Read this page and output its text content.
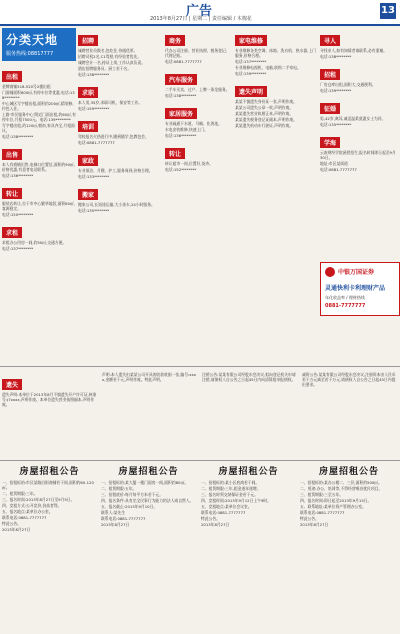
广告
2013年8月27日 | 星期二 | 责任编辑 / 木棉花
13
分类天地
服务热线:08817777
出租

金牌商铺518-520号2楼出租

门面铺面积800㎡,有停车位等优惠,电话:138********

中心城区写字楼出租,面积约200㎡,精装修,拎包入住。

上路'市民服务中心'附近门面出租,约60㎡,有停车位,月租7500元。电话:139********

写字楼出租,约120㎡,朝南,家具齐全,月租面议。

电话:138********

出售

本人有商铺出售,电梯口位置佳,面积约90㎡,价格优惠,有意者电话联系。

电话:136********

转让

服装店转让,位于市中心繁华地段,面积80㎡,客源稳定。

电话:150********

求租

求租办公用房一间,约50㎡,交通方便。

电话:137********

招聘

诚聘营业员数名,包吃住,待遇优厚。

招聘司机2名,C1驾照,有经验者优先。

诚聘会计一名,持证上岗,工作认真负责。

酒店招聘服务员、厨工若干名。

电话:138********

求职

本人男,35岁,求职司机、保安等工作。

电话:159********

培训

驾校报名火热进行中,随到随学,包教包会。

电话:0881-7777777

家政

专业保洁、月嫂、护工,服务周到,价格合理。

电话:133********

搬家

搬家公司,长短途运输,大小货车,24小时服务。

电话:135********

商务

代办公司注册、营业执照、税务登记、代理记账。

电话:0881-7777777

汽车服务

二手车买卖、过户、上牌一条龙服务。

电话:138********

家居服务

专业疏通下水道、马桶、化粪池。

水电安装维修,快速上门。

电话:136********

转让

转让超市一间,位置好,货齐。

电话:152********

家电维修

专业维修各类空调、冰箱、洗衣机、热水器,上门服务,价格合理。

电话:137********

专业维修电视机、电脑,收购二手家电。

电话:139********

遗失声明

某某不慎遗失身份证一张,声明作废。

某某公司遗失公章一枚,声明作废。

某某遗失营业执照正本,声明作废。

某某遗失税务登记证副本,声明作废。

某某遗失机动车行驶证,声明作废。

寻人

寻找亲人,如有知情者请联系,必有重谢。

电话:138********

招租

厂房仓库出租,面积大,交通便利。

电话:139********

征婚

男,42岁,离异,诚觅温柔贤惠女士为伴。

电话:135********

学海

云南财经学院函授招生,报名时间即日起至9月30日。

地址:市区某街道

电话:0881-7777777

中银万国证券
灵通快利卡利理财产品
年化收益率 / 理财热线
0881-7777777
遗失
遗失声明:本单位于2013年8月不慎遗失开户许可证,核准号:J7xxxx,声明作废。本单位遗失营业执照副本,声明作废。
声明:本人遗失由某某公司开具的收款收据一张,编号:xxxx,金额若干元,声明作废。特此声明。
注销公告:某某有限公司经股东会决议,拟向登记机关申请注销,请债权人自公告之日起45日内向清算组申报债权。
减资公告:某某有限公司经股东会决议,注册资本由人民币若干万元减至若干万元,请债权人自公告之日起45日内提出要求。
房屋招租公告

一、招租标的:市区某路沿街商铺若干间,面积约60-120㎡。

二、租赁期限:三年。

三、报名时间:2013年8月27日至9月5日。

四、竞租方式:公开竞价,价高者得。

五、报名地点:某单位办公室。

联系电话:0881-7777777

特此公告。

2013年8月27日

房屋招租公告

一、招租标的:某大厦一楼门面房一间,面积约80㎡。

二、租赁期限:五年。

三、招租底价:每月每平方米若干元。

四、报名条件:具有完全民事行为能力的法人或自然人。

五、报名截止:2013年9月10日。

联系人:某先生

联系电话:0881-7777777

2013年8月27日

房屋招租公告

一、招租标的:某小区底商若干间。

二、租赁期限:三年,租金逐年递增。

三、报名时须交纳保证金若干元。

四、竞租时间:2013年9月12日上午9时。

五、竞租地点:某单位会议室。

联系电话:0881-7777777

特此公告。

2013年8月27日

房屋招租公告

一、招租标的:某办公楼二、三层,面积约500㎡。

二、用途:办公、培训等,不得经营噪音扰民项目。

三、租赁期限:三至五年。

四、报名时间:即日起至2013年9月15日。

五、联系地址:某单位资产管理办公室。

联系电话:0881-7777777

特此公告。

2013年8月27日
